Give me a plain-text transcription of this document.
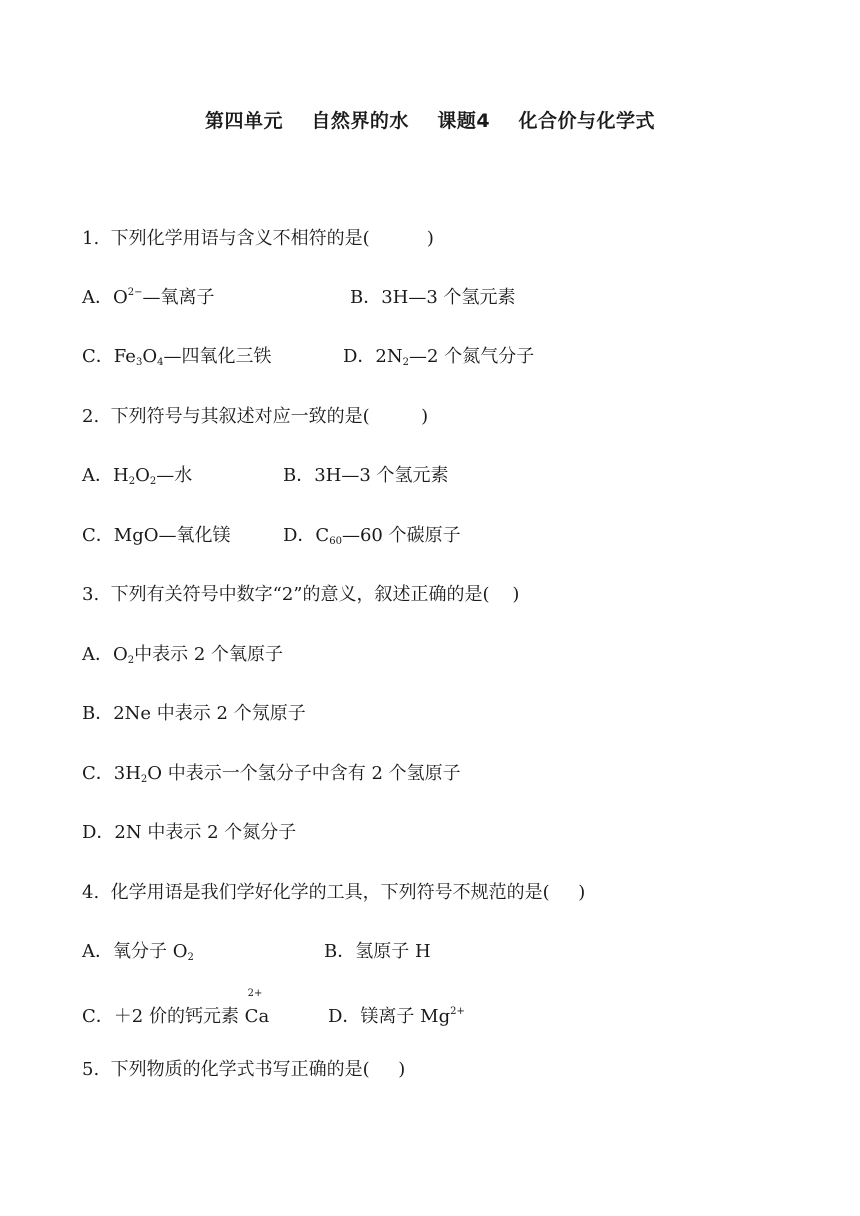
第四单元    自然界的水    课题4    化合价与化学式
1.  下列化学用语与含义不相符的是(          )

A．$O^{2-}—$氧离子

	B．3H—3 个氢元素

C．$Fe_3O_4—$四氧化三铁

	D．$2N_2—2$ 个氮气分子

2.  下列符号与其叙述对应一致的是(         )

A．$H_2O_2—$水

	B．3H—3 个氢元素

C．MgO—氧化镁

	D．$C_{60}—60$ 个碳原子

3.  下列有关符号中数字“2”的意义，叙述正确的是(    )
A．$O_2$中表示 2 个氧原子
B．2Ne 中表示 2 个氖原子
C．$3H_2O$ 中表示一个氢分子中含有 2 个氢原子
D．2N 中表示 2 个氮分子
4.  化学用语是我们学好化学的工具，下列符号不规范的是(     )

A．氧分子 $O_2$

	B．氢原子 H

C．＋2 价的钙元素
2+
Ca

	D．镁离子 $Mg^{2+}$

5.  下列物质的化学式书写正确的是(     )
